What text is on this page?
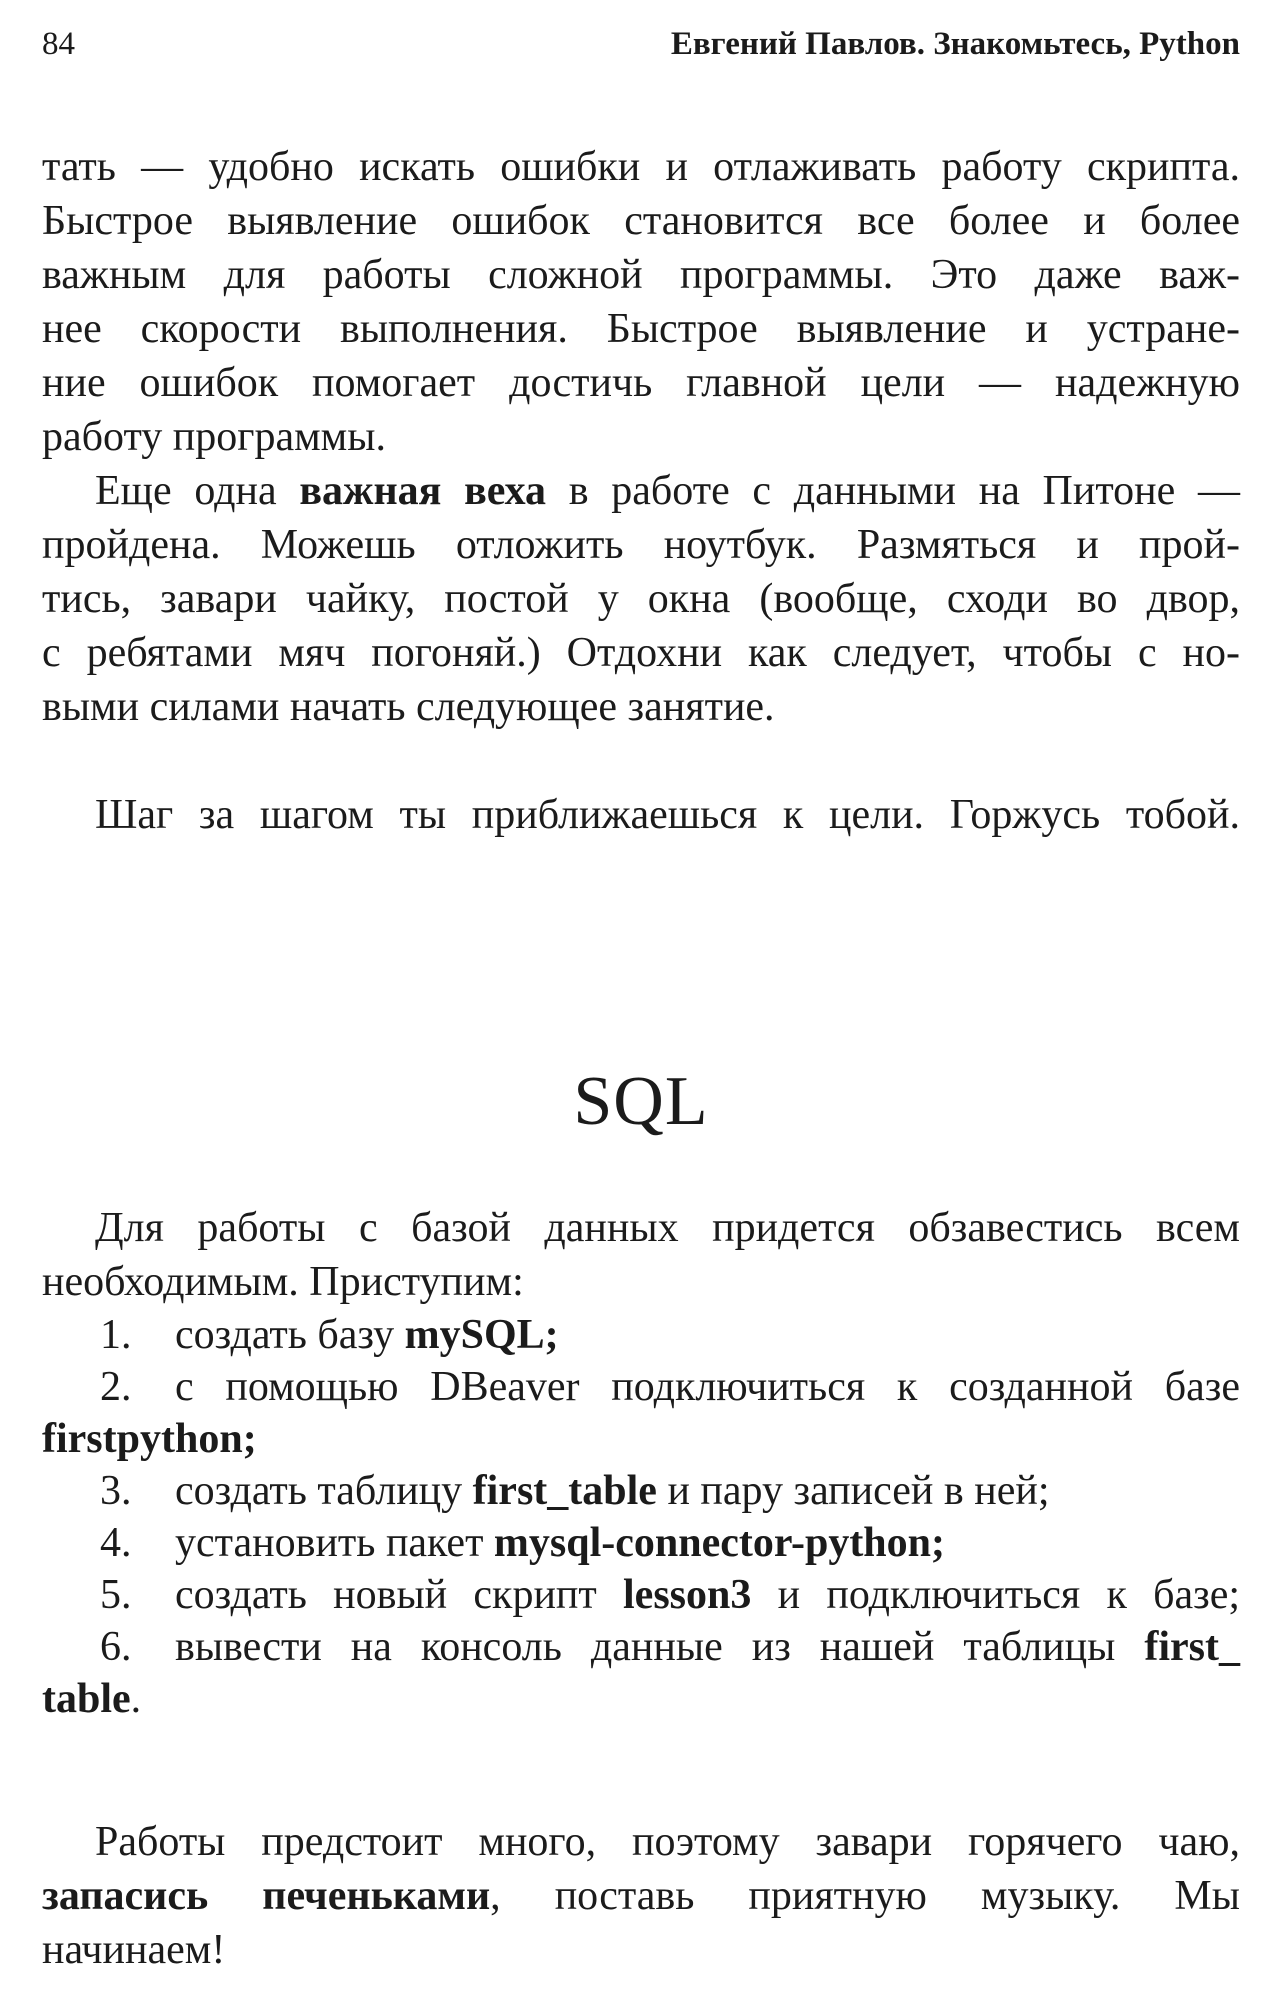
84	Евгений Павлов. Знакомьтесь, Python
тать — удобно искать ошибки и отлаживать работу скрипта.
Быстрое выявление ошибок становится все более и более
важным для работы сложной программы. Это даже важ-
нее скорости выполнения. Быстрое выявление и устране-
ние ошибок помогает достичь главной цели — надежную
работу программы.
Еще одна важная веха в работе с данными на Питоне —
пройдена. Можешь отложить ноутбук. Размяться и прой-
тись, завари чайку, постой у окна (вообще, сходи во двор,
с ребятами мяч погоняй.) Отдохни как следует, чтобы с но-
выми силами начать следующее занятие.
Шаг за шагом ты приближаешься к цели. Горжусь тобой.
SQL
Для работы с базой данных придется обзавестись всем
необходимым. Приступим:
1. создать базу mySQL;
2. с помощью DBeaver подключиться к созданной базе
firstpython;
3. создать таблицу first_table и пару записей в ней;
4. установить пакет mysql-connector-python;
5. создать новый скрипт lesson3 и подключиться к базе;
6. вывести на консоль данные из нашей таблицы first_
table.
Работы предстоит много, поэтому завари горячего чаю,
запасись печеньками, поставь приятную музыку. Мы
начинаем!
